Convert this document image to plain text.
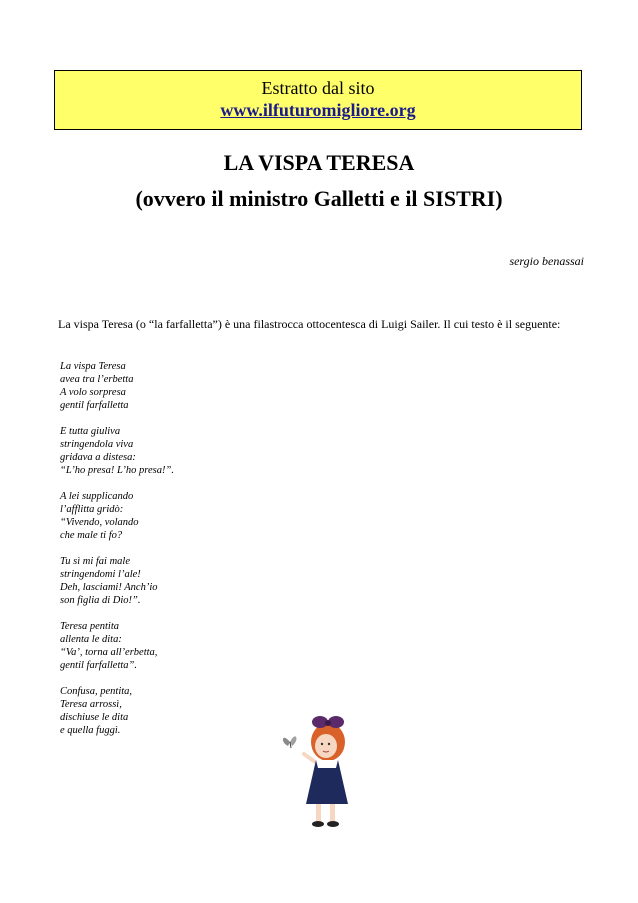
Estratto dal sito
www.ilfuturomigliore.org
LA VISPA TERESA
(ovvero il ministro Galletti e il SISTRI)
sergio benassai
La vispa Teresa (o “la farfalletta”) è una filastrocca ottocentesca di Luigi Sailer. Il cui testo è il seguente:
La vispa Teresa
avea tra l’erbetta
A volo sorpresa
gentil farfalletta
E tutta giuliva
stringendola viva
gridava a distesa:
“L’ho presa! L’ho presa!”.
A lei supplicando
l’afflitta gridò:
“Vivendo, volando
che male ti fo?
Tu sì mi fai male
stringendomi l’ale!
Deh, lasciami! Anch’io
son figlia di Dio!”.
Teresa pentita
allenta le dita:
“Va’, torna all’erbetta,
gentil farfalletta”.
Confusa, pentita,
Teresa arrossì,
dischiuse le dita
e quella fuggì.
